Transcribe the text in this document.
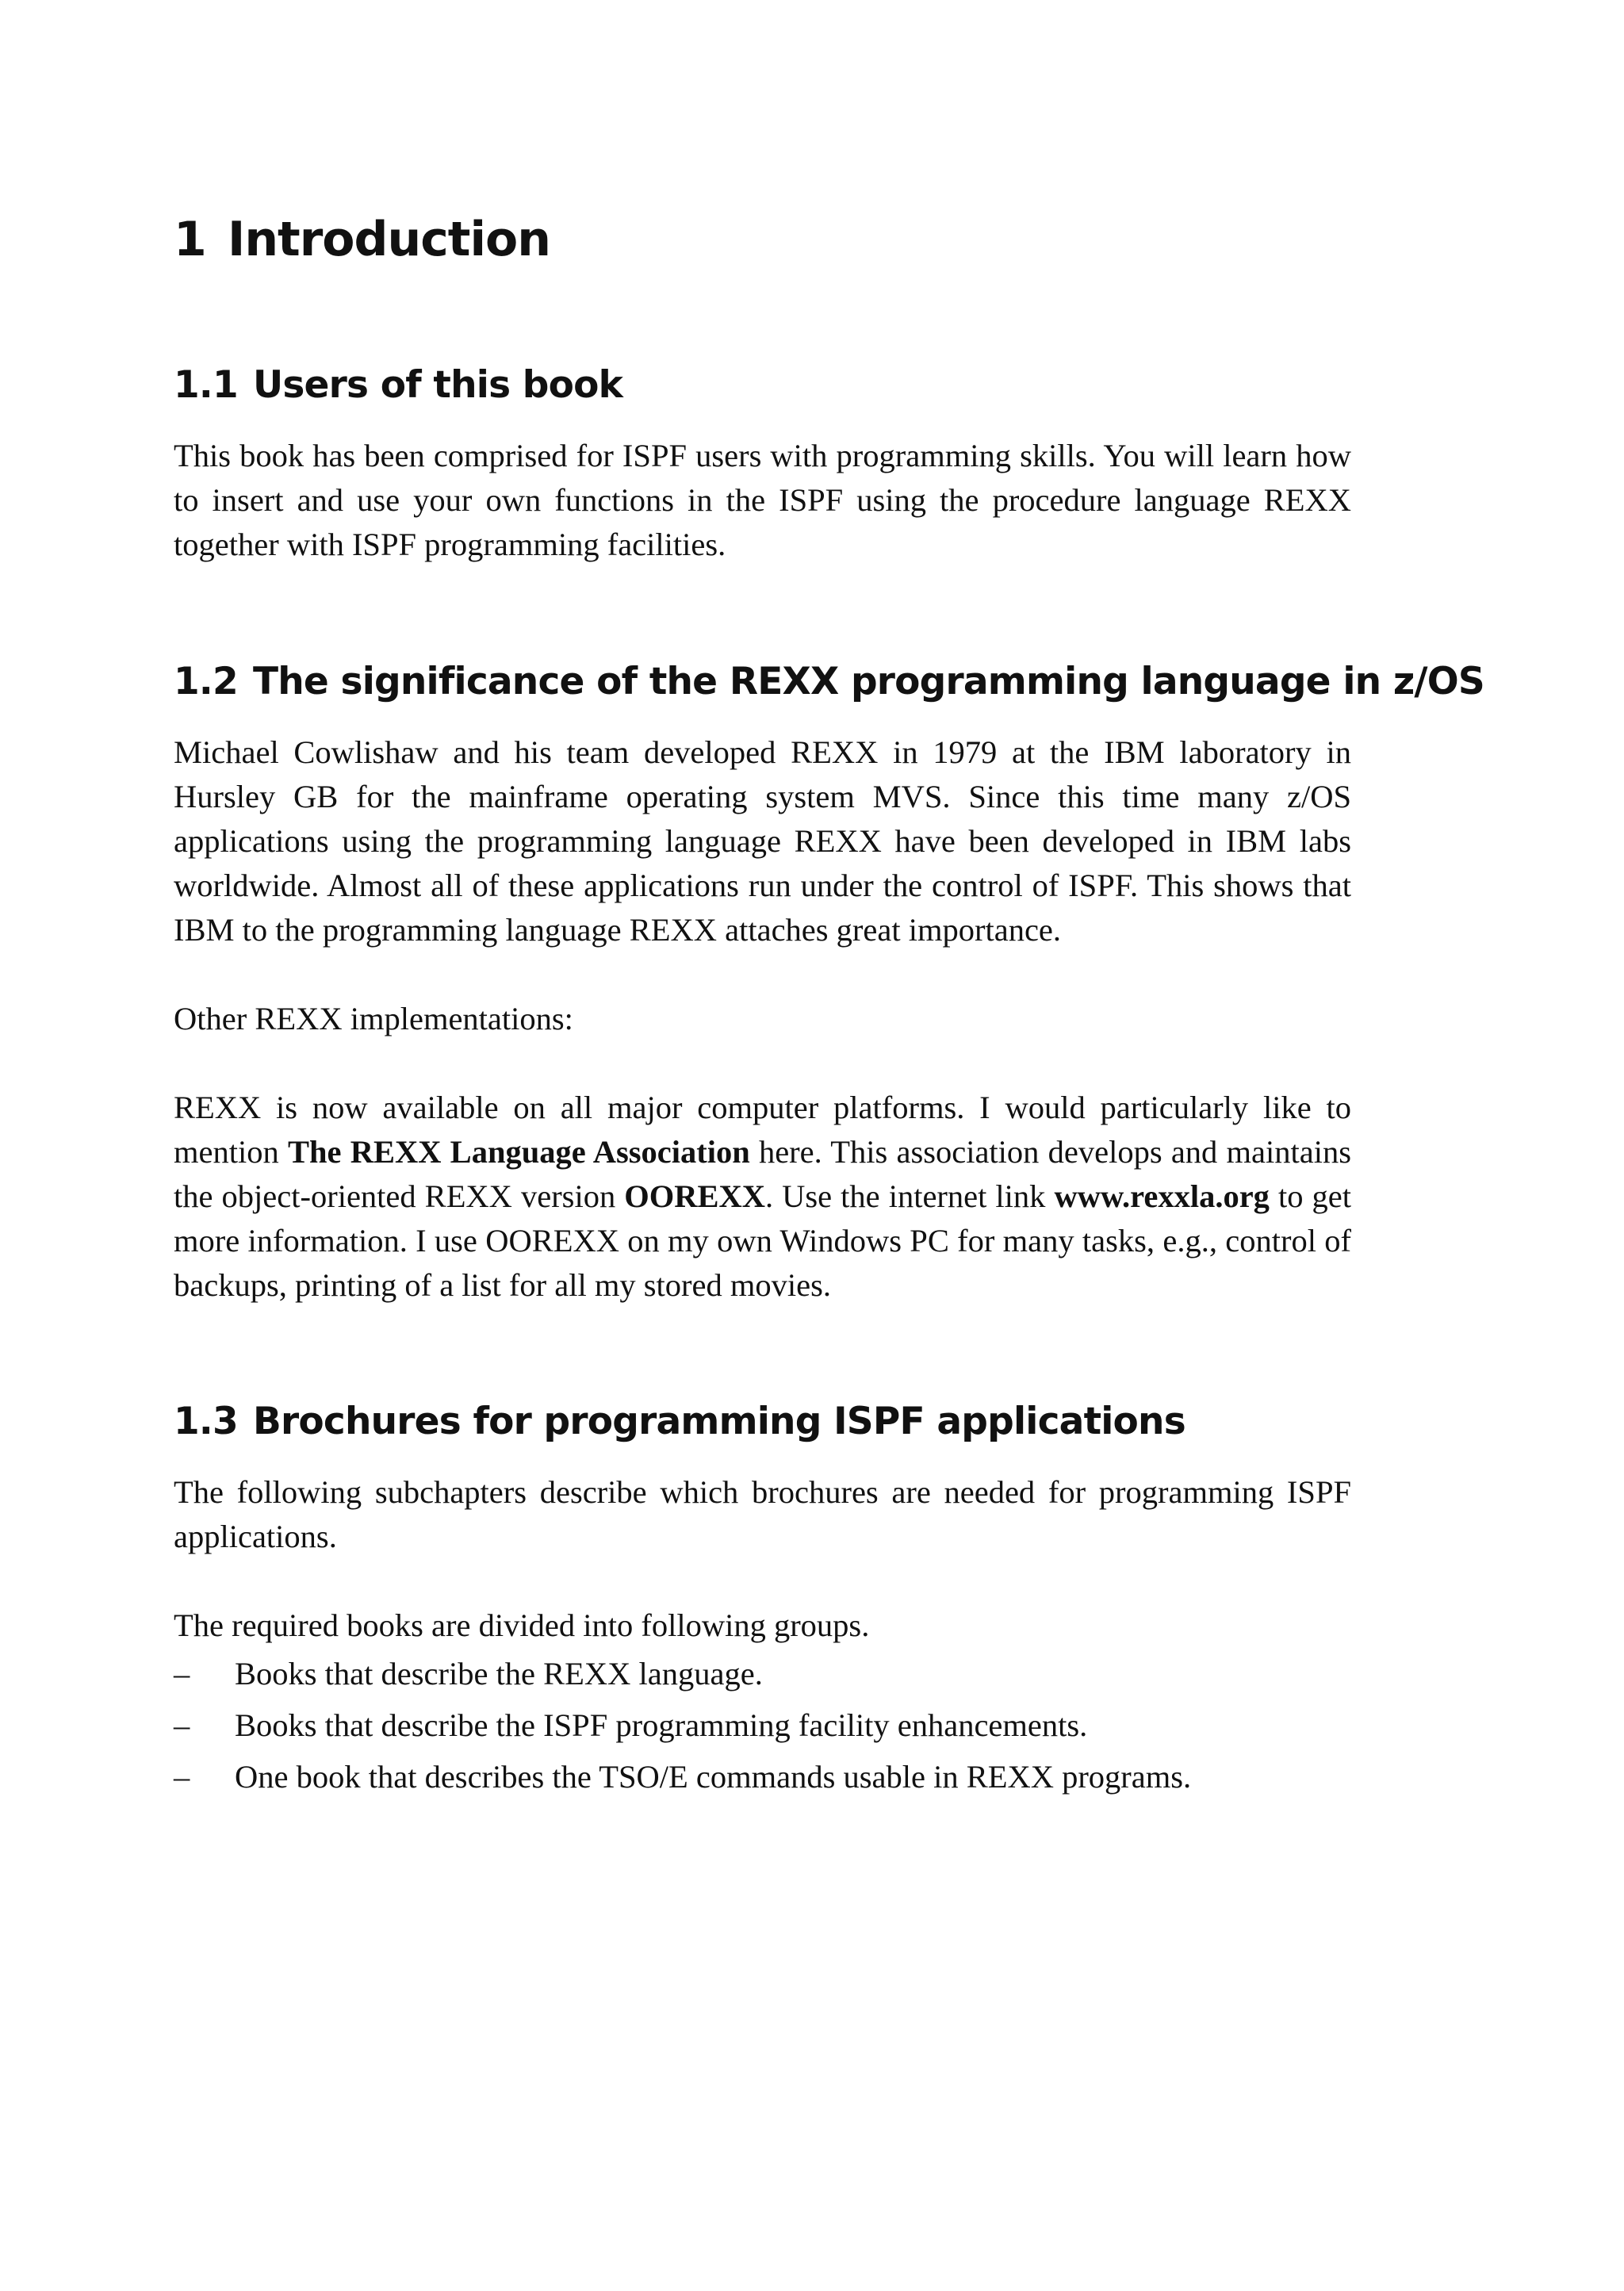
1 Introduction
1.1 Users of this book

This book has been comprised for ISPF users with programming skills. You will learn how to insert and use your own functions in the ISPF using the procedure language REXX together with ISPF programming facilities.

1.2 The significance of the REXX programming language in z/OS

Michael Cowlishaw and his team developed REXX in 1979 at the IBM laboratory in Hursley GB for the mainframe operating system MVS. Since this time many z/OS applications using the programming language REXX have been developed in IBM labs worldwide. Almost all of these applications run under the control of ISPF. This shows that IBM to the programming language REXX attaches great importance.

Other REXX implementations:

REXX is now available on all major computer platforms. I would particularly like to mention The REXX Language Association here. This association develops and maintains the object-oriented REXX version OOREXX. Use the internet link www.rexxla.org to get more information. I use OOREXX on my own Windows PC for many tasks, e.g., control of backups, printing of a list for all my stored movies.

1.3 Brochures for programming ISPF applications

The following subchapters describe which brochures are needed for programming ISPF applications.

The required books are divided into following groups.

– Books that describe the REXX language.
– Books that describe the ISPF programming facility enhancements.
– One book that describes the TSO/E commands usable in REXX programs.
